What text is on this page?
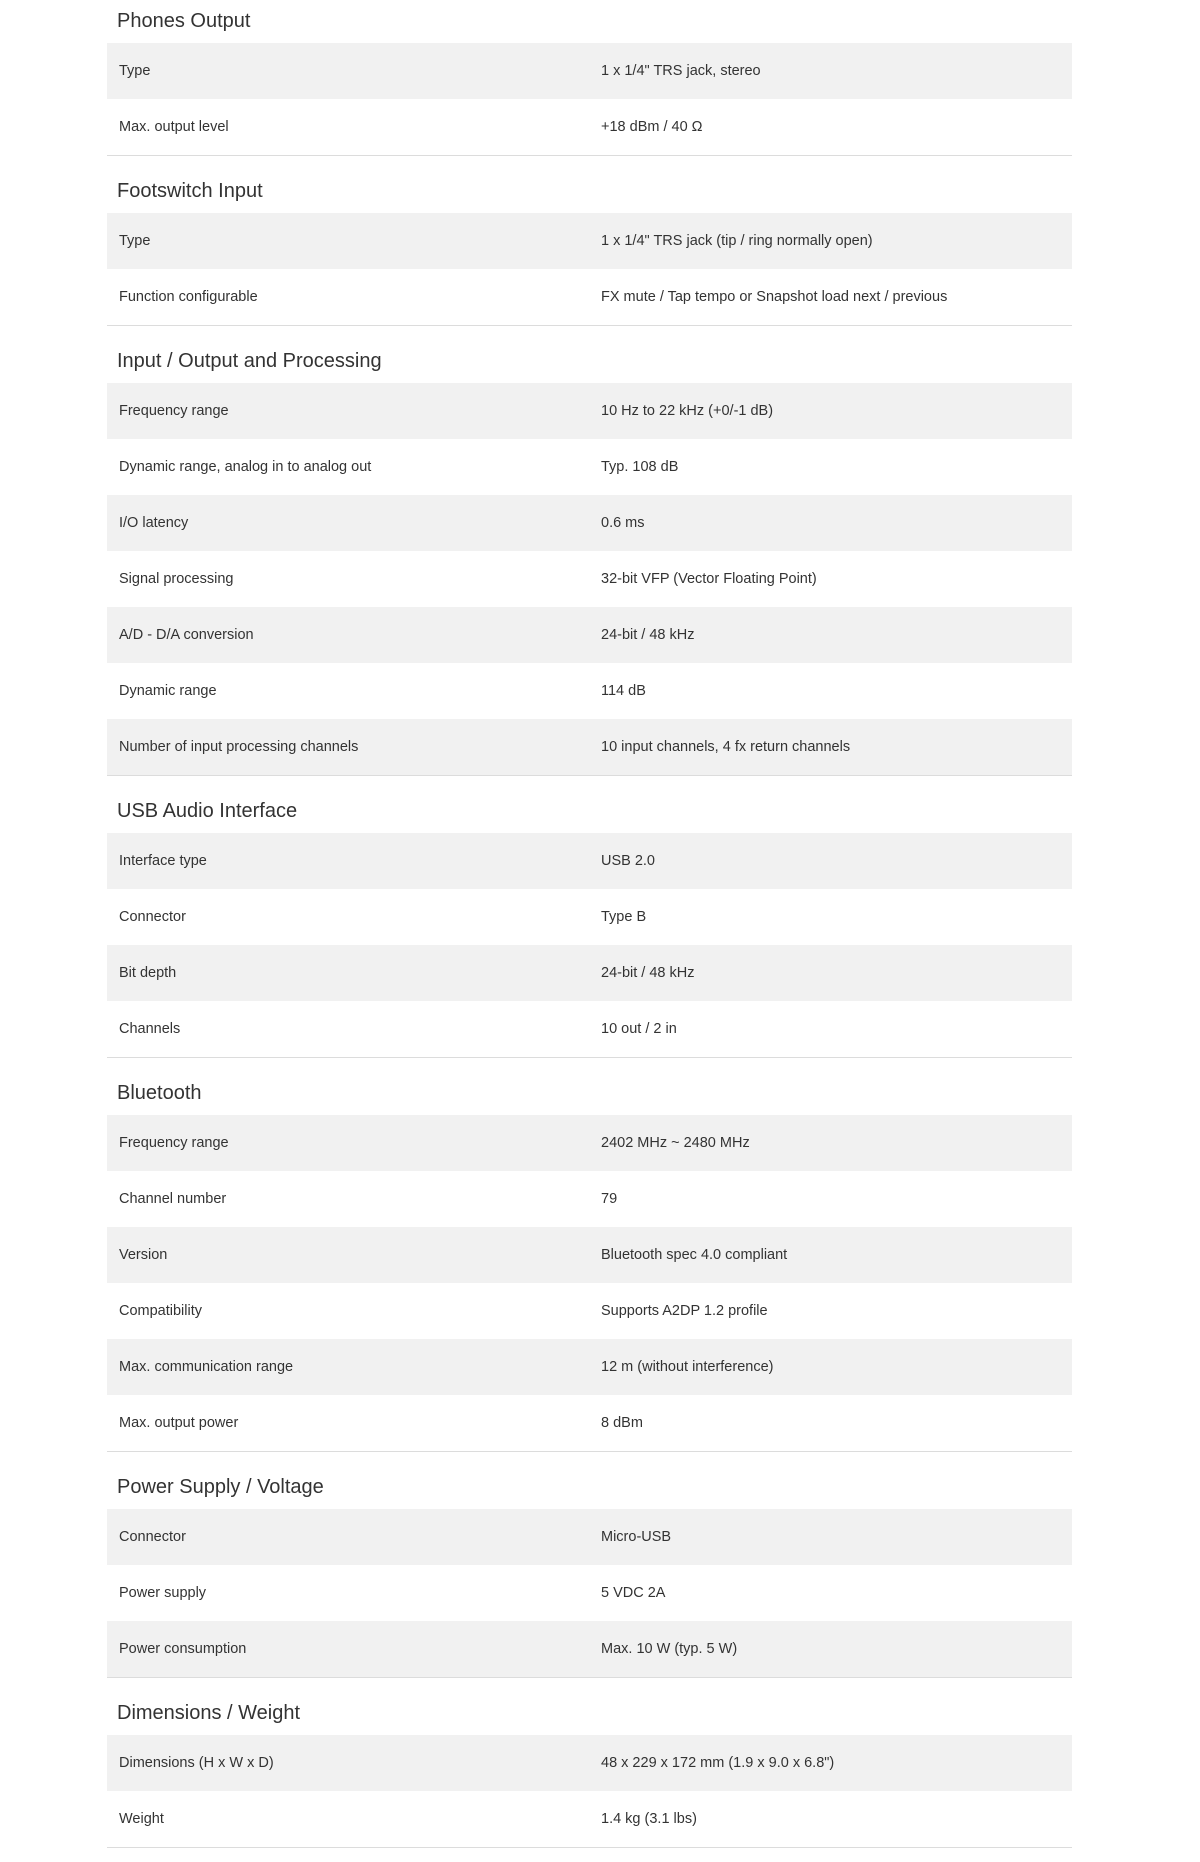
Phones Output
Type	1 x 1/4" TRS jack, stereo
Max. output level	+18 dBm / 40 Ω
Footswitch Input
Type	1 x 1/4" TRS jack (tip / ring normally open)
Function configurable	FX mute / Tap tempo or Snapshot load next / previous
Input / Output and Processing
Frequency range	10 Hz to 22 kHz (+0/-1 dB)
Dynamic range, analog in to analog out	Typ. 108 dB
I/O latency	0.6 ms
Signal processing	32-bit VFP (Vector Floating Point)
A/D - D/A conversion	24-bit / 48 kHz
Dynamic range	114 dB
Number of input processing channels	10 input channels, 4 fx return channels
USB Audio Interface
Interface type	USB 2.0
Connector	Type B
Bit depth	24-bit / 48 kHz
Channels	10 out / 2 in
Bluetooth
Frequency range	2402 MHz ~ 2480 MHz
Channel number	79
Version	Bluetooth spec 4.0 compliant
Compatibility	Supports A2DP 1.2 profile
Max. communication range	12 m (without interference)
Max. output power	8 dBm
Power Supply / Voltage
Connector	Micro-USB
Power supply	5 VDC 2A
Power consumption	Max. 10 W (typ. 5 W)
Dimensions / Weight
Dimensions (H x W x D)	48 x 229 x 172 mm (1.9 x 9.0 x 6.8")
Weight	1.4 kg (3.1 lbs)
